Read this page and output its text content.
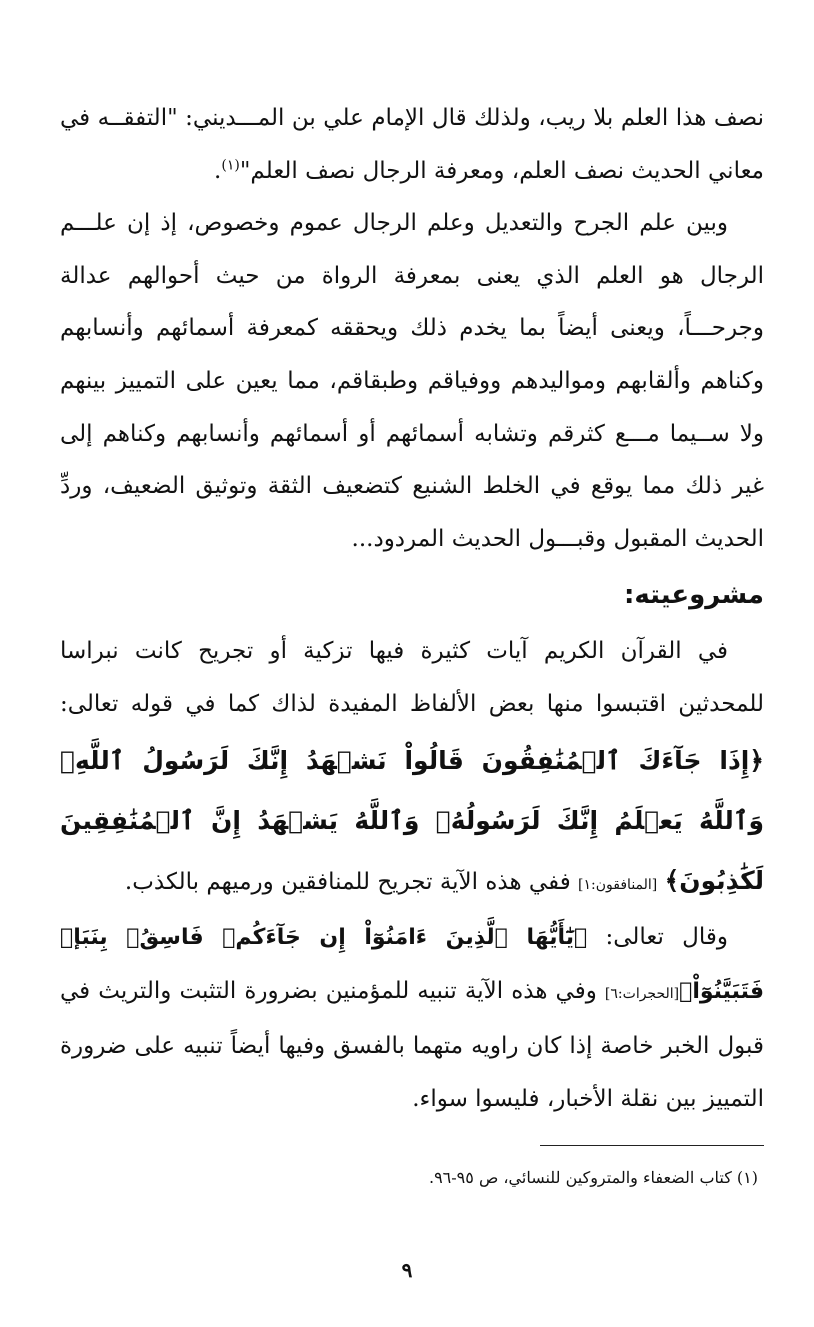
نصف هذا العلم بلا ريب، ولذلك قال الإمام علي بن المـــديني: "التفقــه في معاني الحديث نصف العلم، ومعرفة الرجال نصف العلم"$^{(١)}$.

وبين علم الجرح والتعديل وعلم الرجال عموم وخصوص، إذ إن علـــم الرجال هو العلم الذي يعنى بمعرفة الرواة من حيث أحوالهم عدالة وجرحـــاً، ويعنى أيضاً بما يخدم ذلك ويحققه كمعرفة أسمائهم وأنسابهم وكناهم وألقابهم ومواليدهم ووفياقم وطبقاقم، مما يعين على التمييز بينهم ولا ســيما مـــع كثرقم وتشابه أسمائهم أو أسمائهم وأنسابهم وكناهم إلى غير ذلك مما يوقع في الخلط الشنيع كتضعيف الثقة وتوثيق الضعيف، وردِّ الحديث المقبول وقبـــول الحديث المردود...

مشروعيته:

في القرآن الكريم آيات كثيرة فيها تزكية أو تجريح كانت نبراسا للمحدثين اقتبسوا منها بعض الألفاظ المفيدة لذاك كما في قوله تعالى: ﴿إِذَا جَآءَكَ ٱلۡمُنَٰفِقُونَ قَالُواْ نَشۡهَدُ إِنَّكَ لَرَسُولُ ٱللَّهِۗ وَٱللَّهُ يَعۡلَمُ إِنَّكَ لَرَسُولُهُۥ وَٱللَّهُ يَشۡهَدُ إِنَّ ٱلۡمُنَٰفِقِينَ لَكَٰذِبُونَ﴾ [المنافقون:١] ففي هذه الآية تجريح للمنافقين ورميهم بالكذب.

وقال تعالى: ﴿يَٰٓأَيُّهَا ٱلَّذِينَ ءَامَنُوٓاْ إِن جَآءَكُمۡ فَاسِقُۢ بِنَبَإٖ فَتَبَيَّنُوٓاْ﴾[الحجرات:٦] وفي هذه الآية تنبيه للمؤمنين بضرورة التثبت والتريث في قبول الخبر خاصة إذا كان راويه متهما بالفسق وفيها أيضاً تنبيه على ضرورة التمييز بين نقلة الأخبار، فليسوا سواء.

(١) كتاب الضعفاء والمتروكين للنسائي، ص ٩٥-٩٦.
٩
